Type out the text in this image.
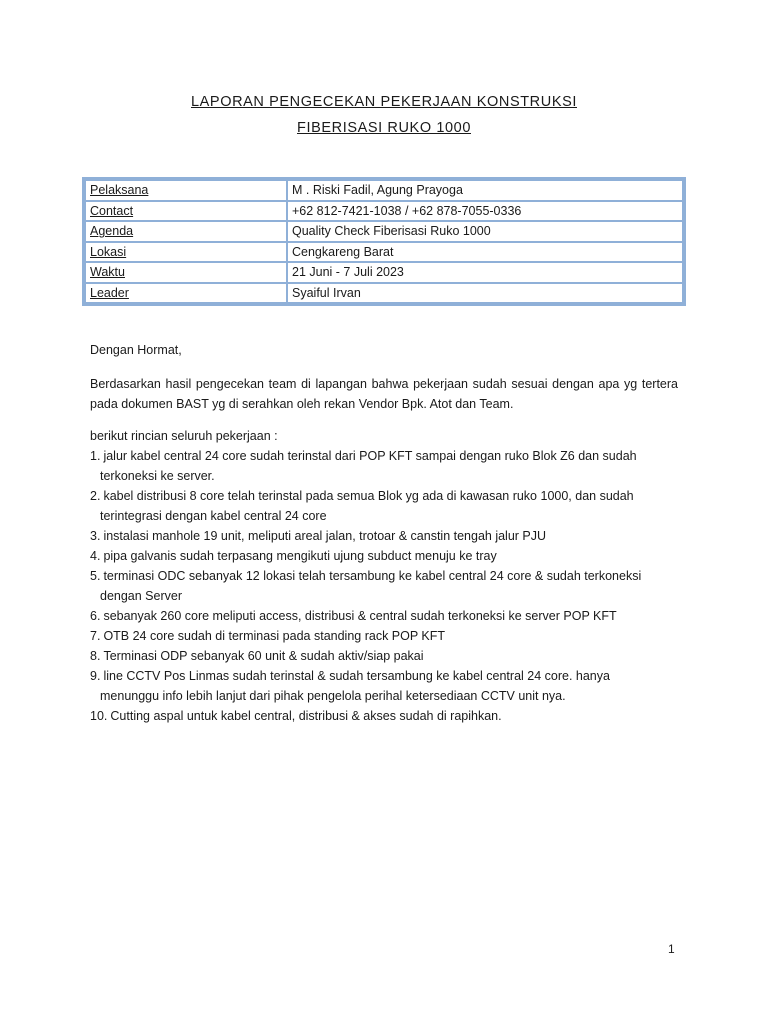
LAPORAN PENGECEKAN PEKERJAAN KONSTRUKSI
FIBERISASI RUKO 1000
Pelaksana	M . Riski Fadil, Agung Prayoga
Contact	+62 812-7421-1038 / +62 878-7055-0336
Agenda	Quality Check Fiberisasi Ruko 1000
Lokasi	Cengkareng Barat
Waktu	21 Juni - 7 Juli 2023
Leader	Syaiful Irvan
Dengan Hormat,
Berdasarkan hasil pengecekan team di lapangan bahwa pekerjaan sudah sesuai dengan apa yg tertera pada dokumen BAST yg di serahkan oleh rekan Vendor Bpk. Atot dan Team.
berikut rincian seluruh pekerjaan :
1. jalur kabel central 24 core sudah terinstal dari POP KFT sampai dengan ruko Blok Z6 dan sudah
terkoneksi ke server.
2. kabel distribusi 8 core telah terinstal pada semua Blok yg ada di kawasan ruko 1000, dan sudah
terintegrasi dengan kabel central 24 core
3. instalasi manhole 19 unit, meliputi areal jalan, trotoar & canstin tengah jalur PJU
4. pipa galvanis sudah terpasang mengikuti ujung subduct menuju ke tray
5. terminasi ODC sebanyak 12 lokasi telah tersambung ke kabel central 24 core & sudah terkoneksi
dengan Server
6. sebanyak 260 core meliputi access, distribusi & central sudah terkoneksi ke server POP KFT
7. OTB 24 core sudah di terminasi pada standing rack POP KFT
8. Terminasi ODP sebanyak 60 unit & sudah aktiv/siap pakai
9. line CCTV Pos Linmas sudah terinstal & sudah tersambung ke kabel central 24 core. hanya
menunggu info lebih lanjut dari pihak pengelola perihal ketersediaan CCTV unit nya.
10. Cutting aspal untuk kabel central, distribusi & akses sudah di rapihkan.
1
